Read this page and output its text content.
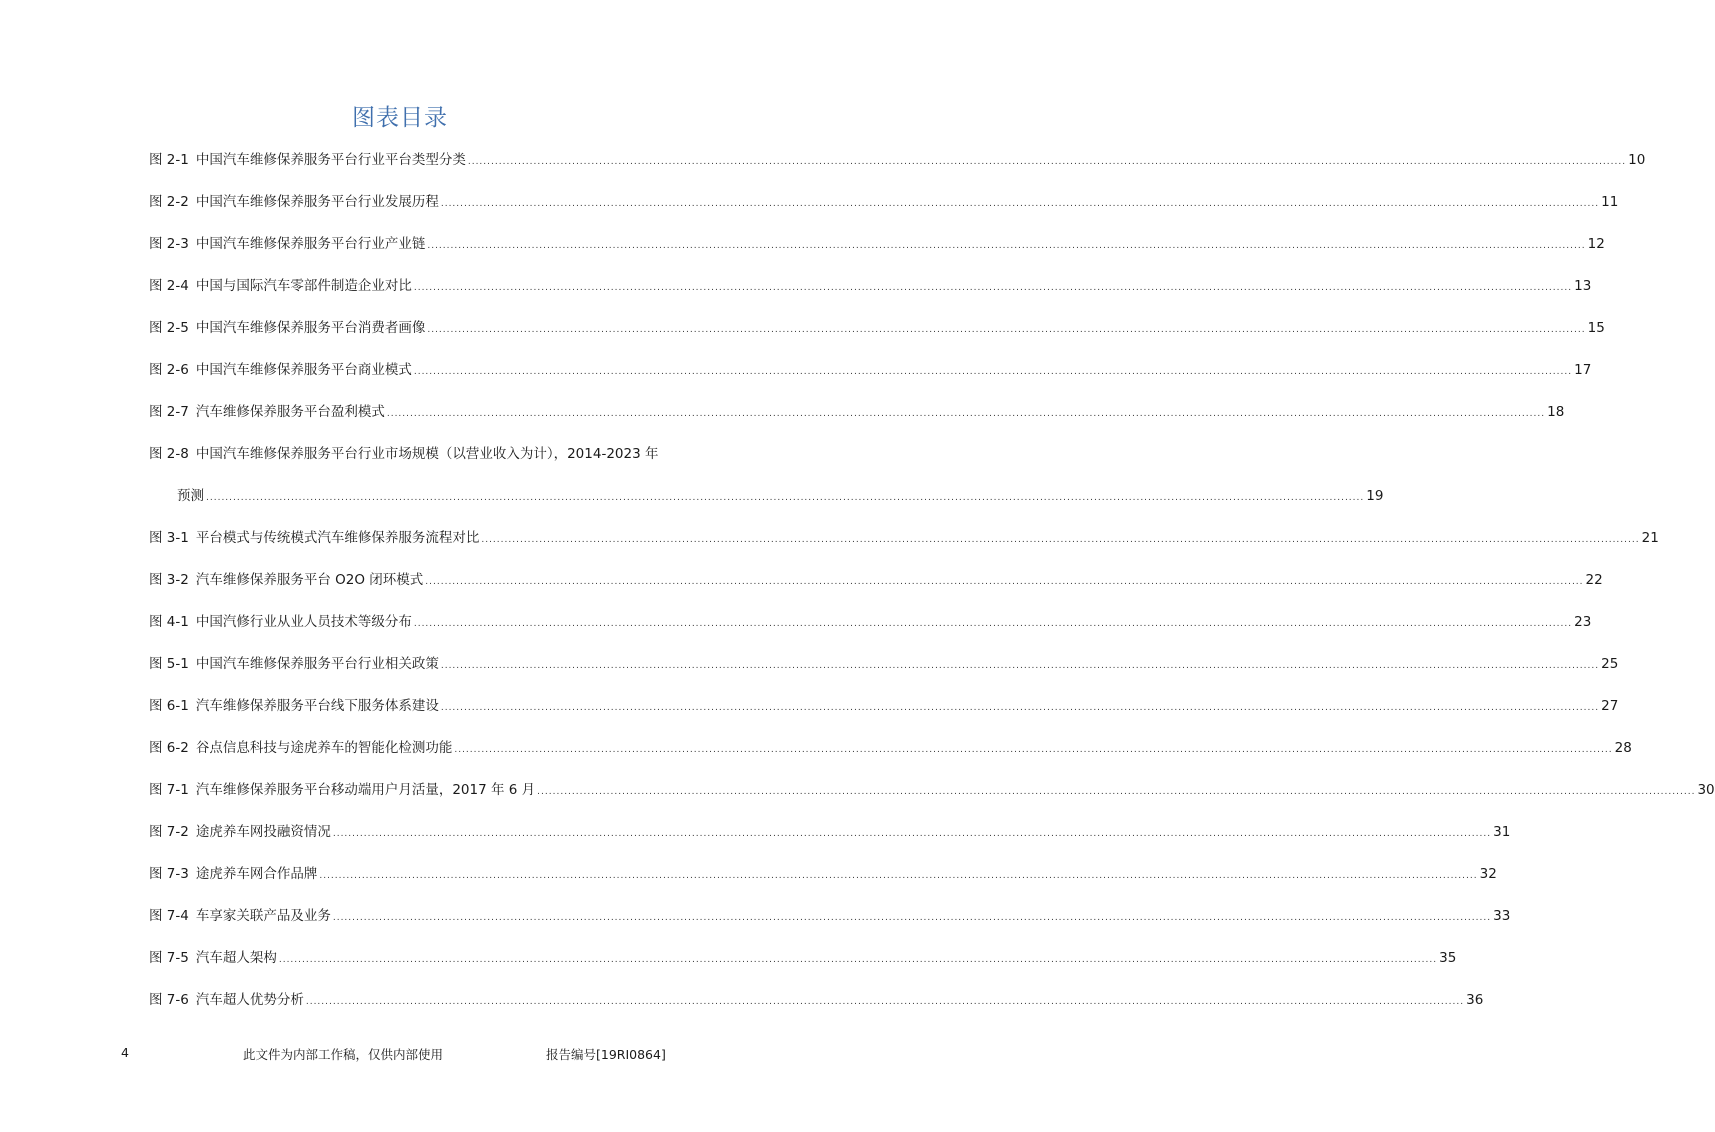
图表目录
图 2-1 中国汽车维修保养服务平台行业平台类型分类 ............................................................................................................................................................................................................................................................................................................ 10
图 2-2 中国汽车维修保养服务平台行业发展历程 ............................................................................................................................................................................................................................................................................................................ 11
图 2-3 中国汽车维修保养服务平台行业产业链 ............................................................................................................................................................................................................................................................................................................ 12
图 2-4 中国与国际汽车零部件制造企业对比 ............................................................................................................................................................................................................................................................................................................ 13
图 2-5 中国汽车维修保养服务平台消费者画像 ............................................................................................................................................................................................................................................................................................................ 15
图 2-6 中国汽车维修保养服务平台商业模式 ............................................................................................................................................................................................................................................................................................................ 17
图 2-7 汽车维修保养服务平台盈利模式 ............................................................................................................................................................................................................................................................................................................ 18
图 2-8 中国汽车维修保养服务平台行业市场规模（以营业收入为计），2014-2023 年
预测 ............................................................................................................................................................................................................................................................................................................ 19
图 3-1 平台模式与传统模式汽车维修保养服务流程对比 ............................................................................................................................................................................................................................................................................................................ 21
图 3-2 汽车维修保养服务平台 O2O 闭环模式 ............................................................................................................................................................................................................................................................................................................ 22
图 4-1 中国汽修行业从业人员技术等级分布 ............................................................................................................................................................................................................................................................................................................ 23
图 5-1 中国汽车维修保养服务平台行业相关政策 ............................................................................................................................................................................................................................................................................................................ 25
图 6-1 汽车维修保养服务平台线下服务体系建设 ............................................................................................................................................................................................................................................................................................................ 27
图 6-2 谷点信息科技与途虎养车的智能化检测功能 ............................................................................................................................................................................................................................................................................................................ 28
图 7-1 汽车维修保养服务平台移动端用户月活量，2017 年 6 月 ............................................................................................................................................................................................................................................................................................................ 30
图 7-2 途虎养车网投融资情况 ............................................................................................................................................................................................................................................................................................................ 31
图 7-3 途虎养车网合作品牌 ............................................................................................................................................................................................................................................................................................................ 32
图 7-4 车享家关联产品及业务 ............................................................................................................................................................................................................................................................................................................ 33
图 7-5 汽车超人架构 ............................................................................................................................................................................................................................................................................................................ 35
图 7-6 汽车超人优势分析 ............................................................................................................................................................................................................................................................................................................ 36
4	此文件为内部工作稿，仅供内部使用	报告编号[19RI0864]
